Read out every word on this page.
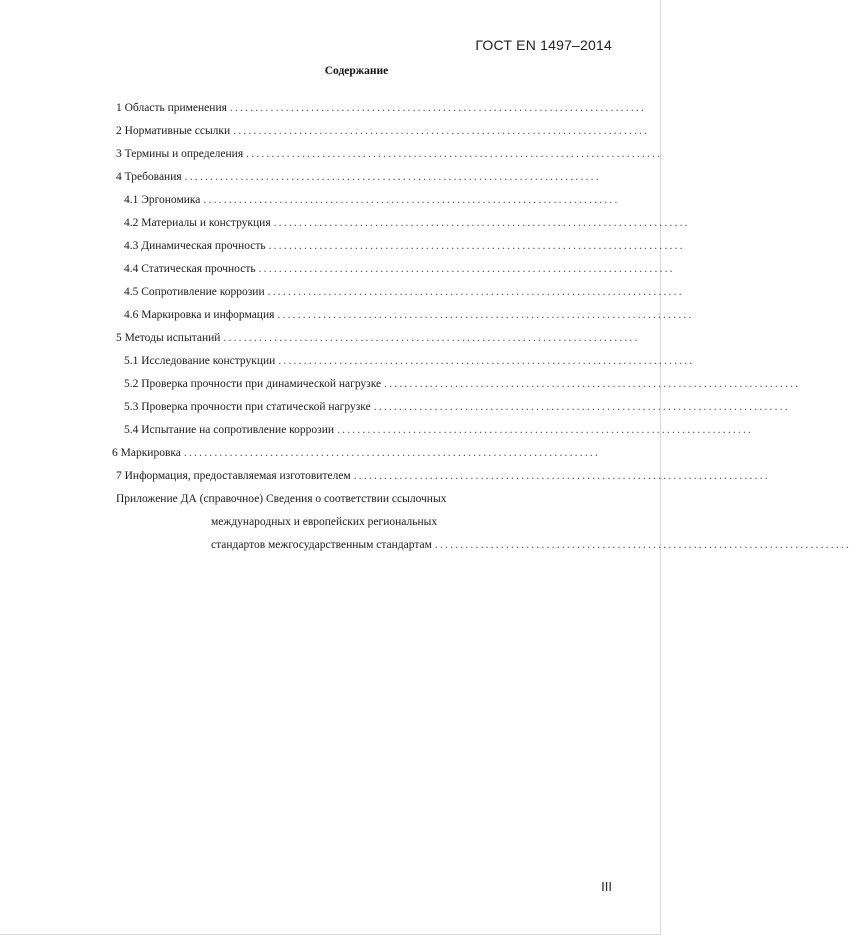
ГОСТ EN 1497–2014
Содержание
1 Область применения ..................................................................................
2 Нормативные ссылки ..................................................................................
3 Термины и определения ..................................................................................
4 Требования ..................................................................................
4.1 Эргономика ..................................................................................
4.2 Материалы и конструкция ..................................................................................
4.3 Динамическая прочность ..................................................................................
4.4 Статическая прочность ..................................................................................
4.5 Сопротивление коррозии ..................................................................................
4.6 Маркировка и информация ..................................................................................
5 Методы испытаний ..................................................................................
5.1 Исследование конструкции ..................................................................................
5.2 Проверка прочности при динамической нагрузке ..................................................................................
5.3 Проверка прочности при статической нагрузке ..................................................................................
5.4 Испытание на сопротивление коррозии ..................................................................................
6 Маркировка ..................................................................................
7 Информация, предоставляемая изготовителем ..................................................................................
Приложение ДА (справочное) Сведения о соответствии ссылочных
международных и европейских региональных
стандартов межгосударственным стандартам ..................................................................................
III
